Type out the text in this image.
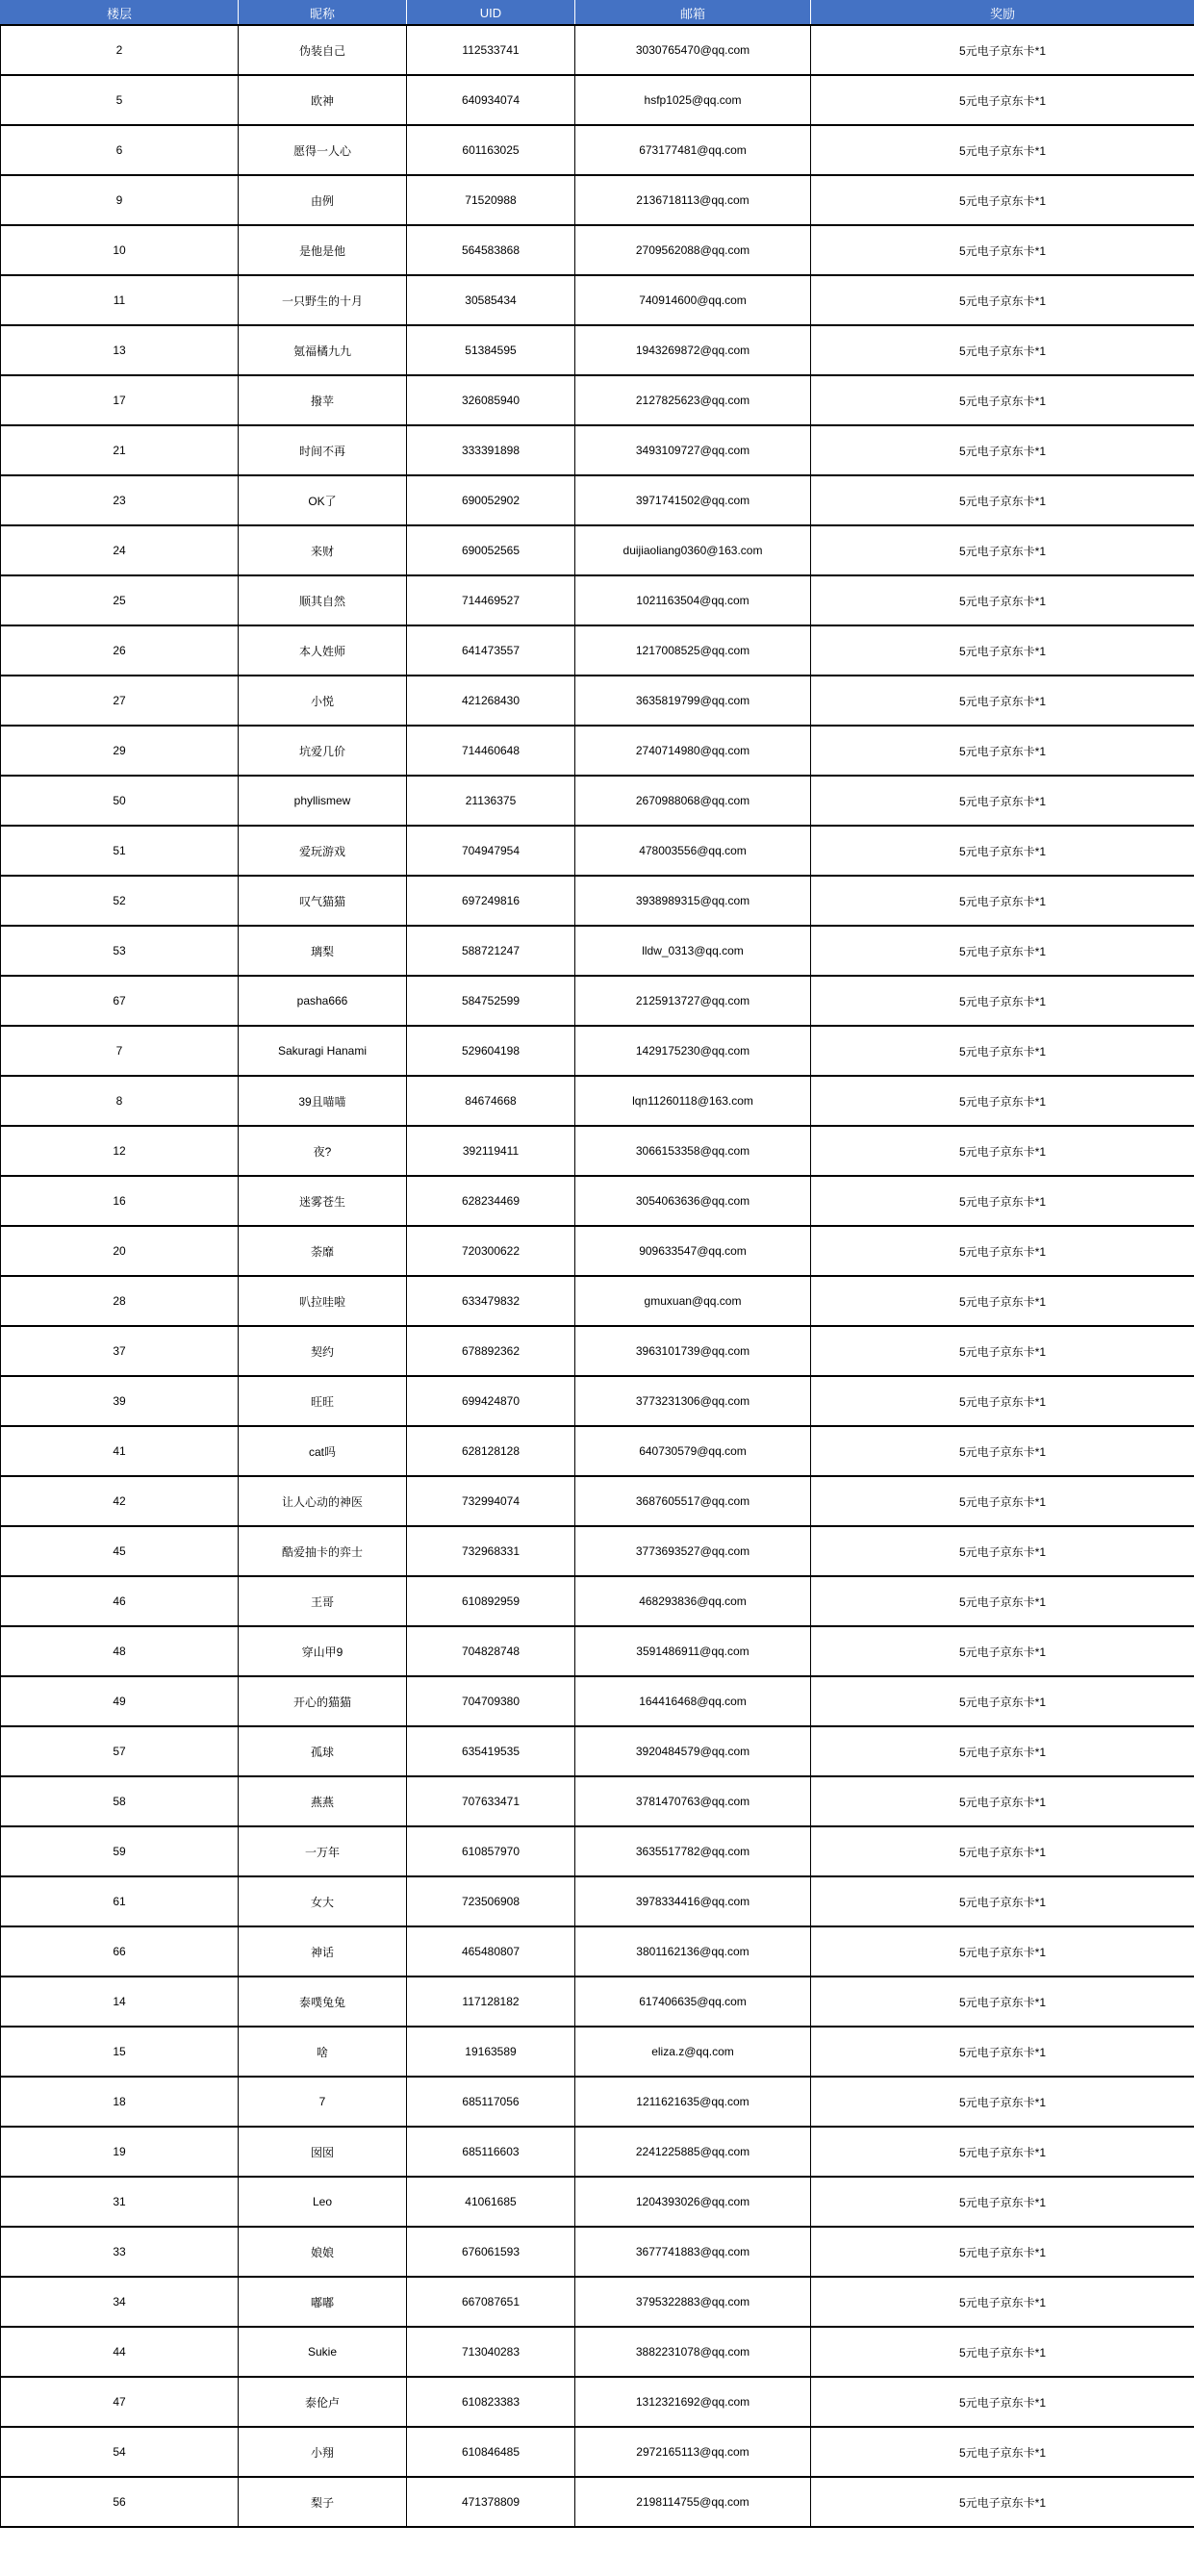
楼层	昵称	UID	邮箱	奖励
2	伪装自己	112533741	3030765470@qq.com	5元电子京东卡*1
5	欧神	640934074	hsfp1025@qq.com	5元电子京东卡*1
6	愿得一人心	601163025	673177481@qq.com	5元电子京东卡*1
9	由例	71520988	2136718113@qq.com	5元电子京东卡*1
10	是他是他	564583868	2709562088@qq.com	5元电子京东卡*1
11	一只野生的十月	30585434	740914600@qq.com	5元电子京东卡*1
13	氪福橘九九	51384595	1943269872@qq.com	5元电子京东卡*1
17	撥苹	326085940	2127825623@qq.com	5元电子京东卡*1
21	时间不再	333391898	3493109727@qq.com	5元电子京东卡*1
23	OK了	690052902	3971741502@qq.com	5元电子京东卡*1
24	来财	690052565	duijiaoliang0360@163.com	5元电子京东卡*1
25	顺其自然	714469527	1021163504@qq.com	5元电子京东卡*1
26	本人姓师	641473557	1217008525@qq.com	5元电子京东卡*1
27	小悦	421268430	3635819799@qq.com	5元电子京东卡*1
29	坑爱几价	714460648	2740714980@qq.com	5元电子京东卡*1
50	phyllismew	21136375	2670988068@qq.com	5元电子京东卡*1
51	爱玩游戏	704947954	478003556@qq.com	5元电子京东卡*1
52	叹气猫猫	697249816	3938989315@qq.com	5元电子京东卡*1
53	璃梨	588721247	lldw_0313@qq.com	5元电子京东卡*1
67	pasha666	584752599	2125913727@qq.com	5元电子京东卡*1
7	Sakuragi Hanami	529604198	1429175230@qq.com	5元电子京东卡*1
8	39且喵喵	84674668	lqn11260118@163.com	5元电子京东卡*1
12	夜?	392119411	3066153358@qq.com	5元电子京东卡*1
16	迷雾苍生	628234469	3054063636@qq.com	5元电子京东卡*1
20	荼靡	720300622	909633547@qq.com	5元电子京东卡*1
28	叭拉哇啦	633479832	gmuxuan@qq.com	5元电子京东卡*1
37	契约	678892362	3963101739@qq.com	5元电子京东卡*1
39	旺旺	699424870	3773231306@qq.com	5元电子京东卡*1
41	cat吗	628128128	640730579@qq.com	5元电子京东卡*1
42	让人心动的神医	732994074	3687605517@qq.com	5元电子京东卡*1
45	酷爱抽卡的弈士	732968331	3773693527@qq.com	5元电子京东卡*1
46	王哥	610892959	468293836@qq.com	5元电子京东卡*1
48	穿山甲9	704828748	3591486911@qq.com	5元电子京东卡*1
49	开心的猫猫	704709380	164416468@qq.com	5元电子京东卡*1
57	孤球	635419535	3920484579@qq.com	5元电子京东卡*1
58	燕燕	707633471	3781470763@qq.com	5元电子京东卡*1
59	一万年	610857970	3635517782@qq.com	5元电子京东卡*1
61	女大	723506908	3978334416@qq.com	5元电子京东卡*1
66	神话	465480807	3801162136@qq.com	5元电子京东卡*1
14	泰噗兔兔	117128182	617406635@qq.com	5元电子京东卡*1
15	啥	19163589	eliza.z@qq.com	5元电子京东卡*1
18	7	685117056	1211621635@qq.com	5元电子京东卡*1
19	囡囡	685116603	2241225885@qq.com	5元电子京东卡*1
31	Leo	41061685	1204393026@qq.com	5元电子京东卡*1
33	娘娘	676061593	3677741883@qq.com	5元电子京东卡*1
34	嘟嘟	667087651	3795322883@qq.com	5元电子京东卡*1
44	Sukie	713040283	3882231078@qq.com	5元电子京东卡*1
47	泰伦卢	610823383	1312321692@qq.com	5元电子京东卡*1
54	小翔	610846485	2972165113@qq.com	5元电子京东卡*1
56	梨子	471378809	2198114755@qq.com	5元电子京东卡*1
